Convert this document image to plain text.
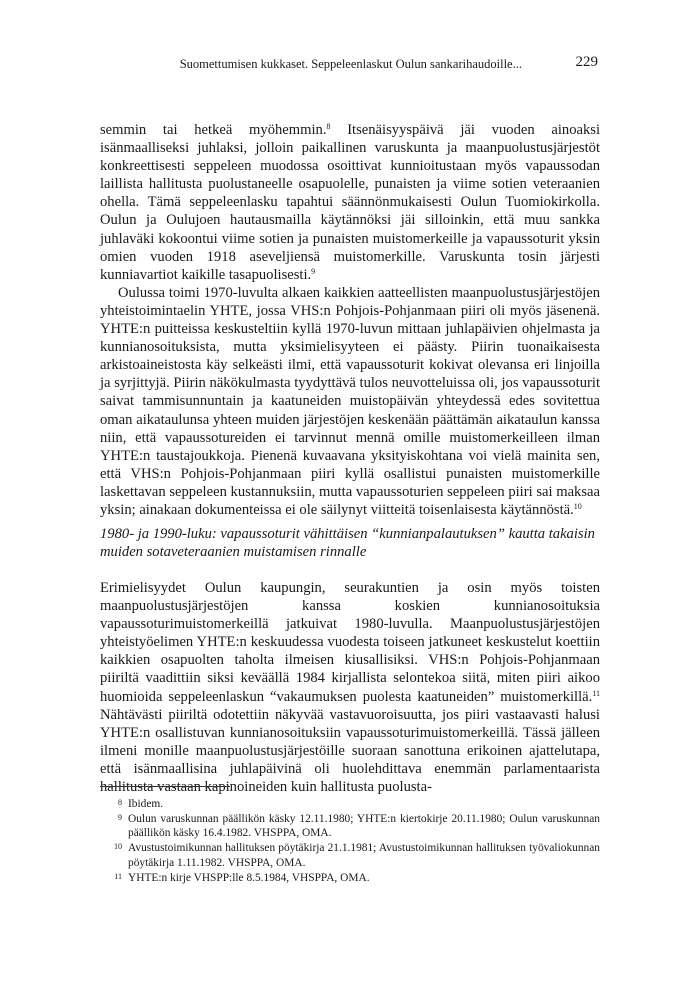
Suomettumisen kukkaset. Seppeleenlaskut Oulun sankarihaudoille...	229

semmin tai hetkeä myöhemmin.$^8$ Itsenäisyyspäivä jäi vuoden ainoaksi isänmaalliseksi juhlaksi, jolloin paikallinen varuskunta ja maanpuolustusjärjestöt konkreettisesti seppeleen muodossa osoittivat kunnioitustaan myös vapaussodan laillista hallitusta puolustaneelle osapuolelle, punaisten ja viime sotien veteraanien ohella. Tämä seppeleenlasku tapahtui säännönmukaisesti Oulun Tuomiokirkolla. Oulun ja Oulujoen hautausmailla käytännöksi jäi silloinkin, että muu sankka juhlaväki kokoontui viime sotien ja punaisten muistomerkeille ja vapaussoturit yksin omien vuoden 1918 aseveljiensä muistomerkille. Varuskunta tosin järjesti kunniavartiot kaikille tasapuolisesti.$^9$

Oulussa toimi 1970-luvulta alkaen kaikkien aatteellisten maanpuolustusjärjestöjen yhteistoimintaelin YHTE, jossa VHS:n Pohjois-Pohjanmaan piiri oli myös jäsenenä. YHTE:n puitteissa keskusteltiin kyllä 1970-luvun mittaan juhlapäivien ohjelmasta ja kunnianosoituksista, mutta yksimielisyyteen ei päästy. Piirin tuonaikaisesta arkistoaineistosta käy selkeästi ilmi, että vapaussoturit kokivat olevansa eri linjoilla ja syrjittyjä. Piirin näkökulmasta tyydyttävä tulos neuvotteluissa oli, jos vapaussoturit saivat tammisunnuntain ja kaatuneiden muistopäivän yhteydessä edes sovitettua oman aikataulunsa yhteen muiden järjestöjen keskenään päättämän aikataulun kanssa niin, että vapaussotureiden ei tarvinnut mennä omille muistomerkeilleen ilman YHTE:n taustajoukkoja. Pienenä kuvaavana yksityiskohtana voi vielä mainita sen, että VHS:n Pohjois-Pohjanmaan piiri kyllä osallistui punaisten muistomerkille laskettavan seppeleen kustannuksiin, mutta vapaussoturien seppeleen piiri sai maksaa yksin; ainakaan dokumenteissa ei ole säilynyt viitteitä toisenlaisesta käytännöstä.$^{10}$

1980- ja 1990-luku: vapaussoturit vähittäisen “kunnianpalautuksen” kautta takaisin muiden sotaveteraanien muistamisen rinnalle

Erimielisyydet Oulun kaupungin, seurakuntien ja osin myös toisten maanpuolustusjärjestöjen kanssa koskien kunnianosoituksia vapaussoturimuistomerkeillä jatkuivat 1980-luvulla. Maanpuolustusjärjestöjen yhteistyöelimen YHTE:n keskuudessa vuodesta toiseen jatkuneet keskustelut koettiin kaikkien osapuolten taholta ilmeisen kiusallisiksi. VHS:n Pohjois-Pohjanmaan piiriltä vaadittiin siksi keväällä 1984 kirjallista selontekoa siitä, miten piiri aikoo huomioida seppeleenlaskun “vakaumuksen puolesta kaatuneiden” muistomerkillä.$^{11}$ Nähtävästi piiriltä odotettiin näkyvää vastavuoroisuutta, jos piiri vastaavasti halusi YHTE:n osallistuvan kunnianosoituksiin vapaussoturimuistomerkeillä. Tässä jälleen ilmeni monille maanpuolustusjärjestöille suoraan sanottuna erikoinen ajattelutapa, että isänmaallisina juhlapäivinä oli huolehdittava enemmän parlamentaarista hallitusta vastaan kapinoineiden kuin hallitusta puolusta-

8 Ibidem.
9 Oulun varuskunnan päällikön käsky 12.11.1980; YHTE:n kiertokirje 20.11.1980; Oulun varuskunnan päällikön käsky 16.4.1982. VHSPPA, OMA.
10 Avustustoimikunnan hallituksen pöytäkirja 21.1.1981; Avustustoimikunnan hallituksen työvaliokunnan pöytäkirja 1.11.1982. VHSPPA, OMA.
11 YHTE:n kirje VHSPP:lle 8.5.1984, VHSPPA, OMA.
